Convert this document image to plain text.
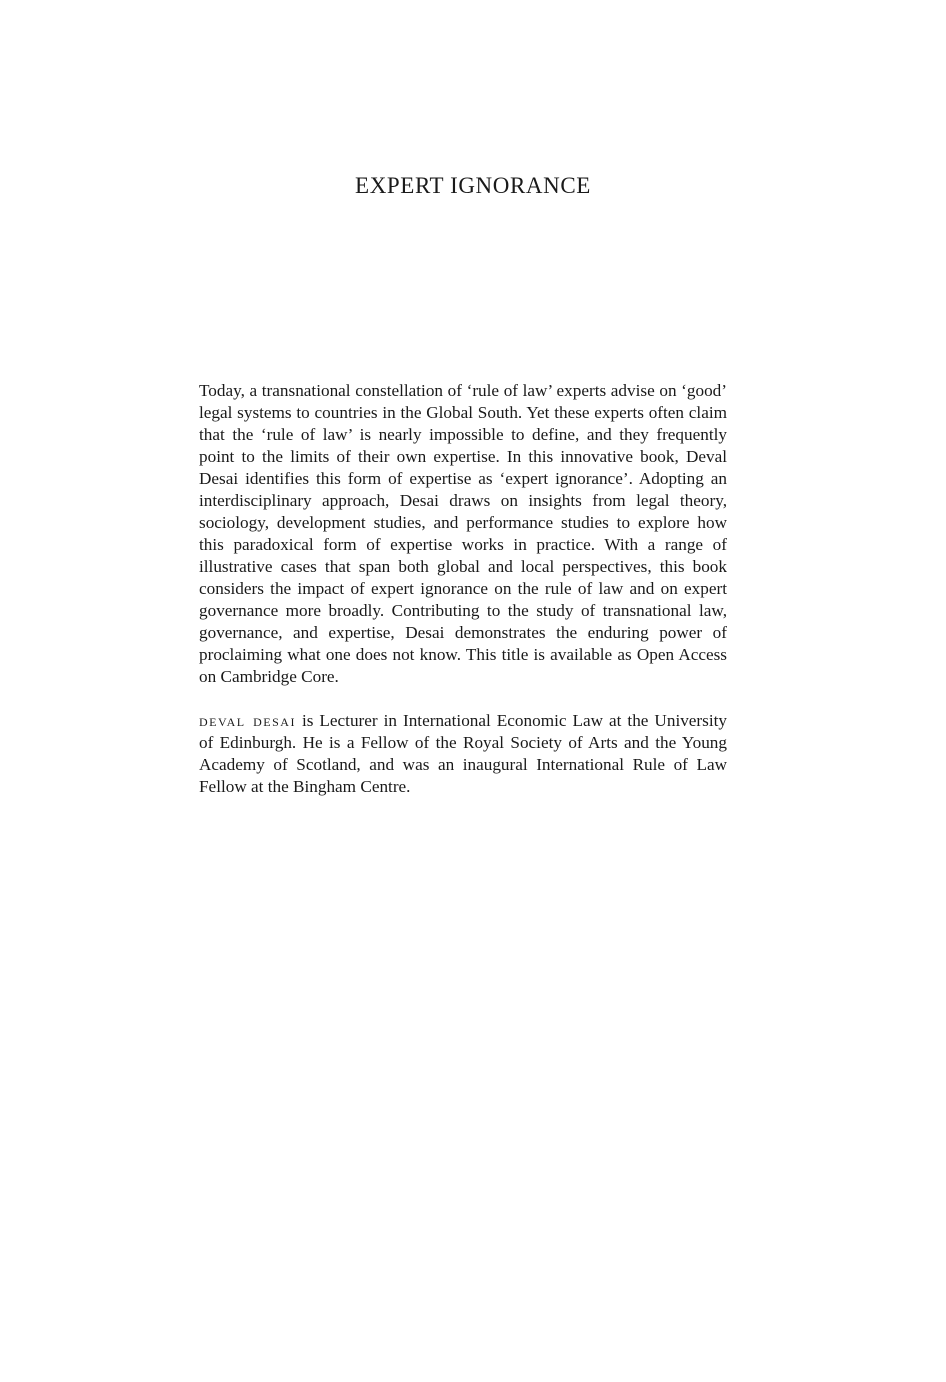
EXPERT IGNORANCE

Today, a transnational constellation of ‘rule of law’ experts advise on ‘good’ legal systems to countries in the Global South. Yet these experts often claim that the ‘rule of law’ is nearly impossible to define, and they frequently point to the limits of their own expertise. In this innovative book, Deval Desai identifies this form of expertise as ‘expert ignorance’. Adopting an interdisciplinary approach, Desai draws on insights from legal theory, sociology, development studies, and performance studies to explore how this paradoxical form of expertise works in practice. With a range of illustrative cases that span both global and local perspectives, this book considers the impact of expert ignorance on the rule of law and on expert governance more broadly. Contributing to the study of transnational law, governance, and expertise, Desai demonstrates the enduring power of proclaiming what one does not know. This title is available as Open Access on Cambridge Core.

deval desai is Lecturer in International Economic Law at the University of Edinburgh. He is a Fellow of the Royal Society of Arts and the Young Academy of Scotland, and was an inaugural International Rule of Law Fellow at the Bingham Centre.
